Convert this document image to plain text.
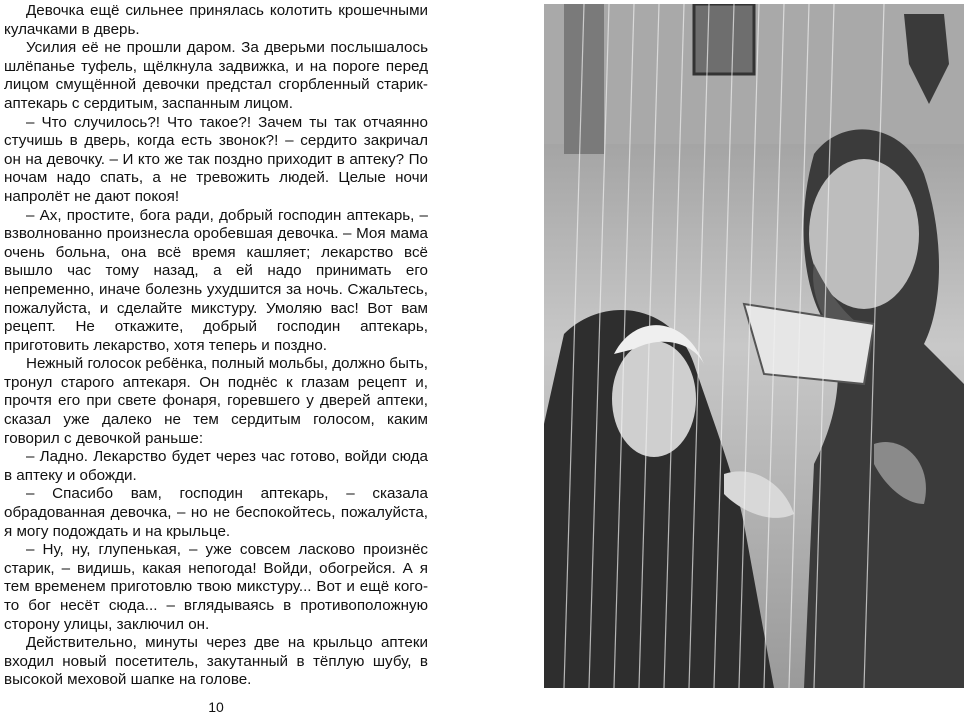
Девочка ещё сильнее принялась колотить крошечными кулачками в дверь.

Усилия её не прошли даром. За дверьми послышалось шлёпанье туфель, щёлкнула задвижка, и на пороге перед лицом смущённой девочки предстал сгорбленный старик-аптекарь с сердитым, заспанным лицом.

– Что случилось?! Что такое?! Зачем ты так отчаянно стучишь в дверь, когда есть звонок?! – сердито закричал он на девочку. – И кто же так поздно приходит в аптеку? По ночам надо спать, а не тревожить людей. Целые ночи напролёт не дают покоя!

– Ах, простите, бога ради, добрый господин аптекарь, – взволнованно произнесла оробевшая девочка. – Моя мама очень больна, она всё время кашляет; лекарство всё вышло час тому назад, а ей надо принимать его непременно, иначе болезнь ухудшится за ночь. Сжальтесь, пожалуйста, и сделайте микстуру. Умоляю вас! Вот вам рецепт. Не откажите, добрый господин аптекарь, приготовить лекарство, хотя теперь и поздно.

Нежный голосок ребёнка, полный мольбы, должно быть, тронул старого аптекаря. Он поднёс к глазам рецепт и, прочтя его при свете фонаря, горевшего у дверей аптеки, сказал уже далеко не тем сердитым голосом, каким говорил с девочкой раньше:

– Ладно. Лекарство будет через час готово, войди сюда в аптеку и обожди.

– Спасибо вам, господин аптекарь, – сказала обрадованная девочка, – но не беспокойтесь, пожалуйста, я могу подождать и на крыльце.

– Ну, ну, глупенькая, – уже совсем ласково произнёс старик, – видишь, какая непогода! Войди, обогрейся. А я тем временем приготовлю твою микстуру... Вот и ещё кого-то бог несёт сюда... – вглядываясь в противоположную сторону улицы, заключил он.

Действительно, минуты через две на крыльцо аптеки входил новый посетитель, закутанный в тёплую шубу, в высокой меховой шапке на голове.

10
